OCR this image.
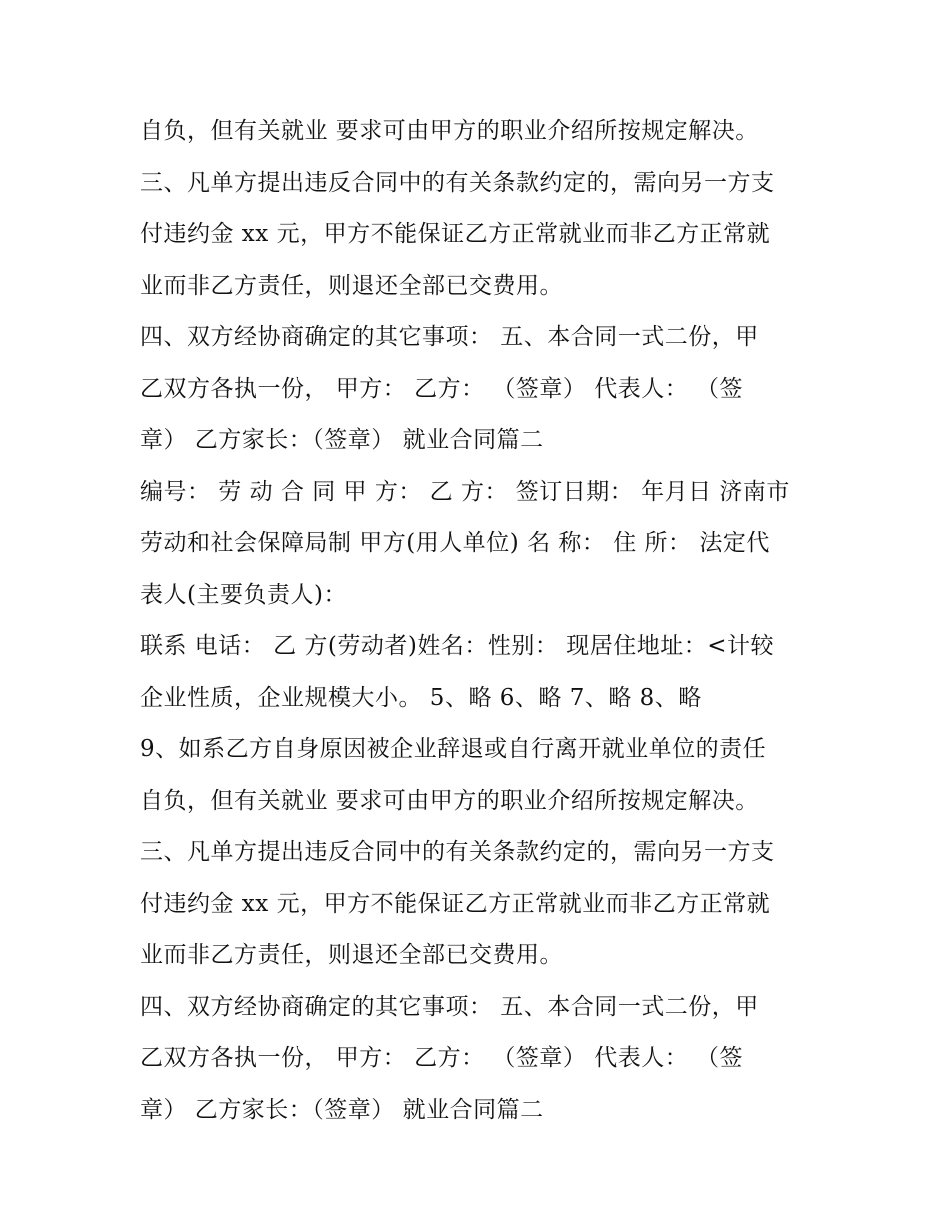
自负，但有关就业 要求可由甲方的职业介绍所按规定解决。
三、凡单方提出违反合同中的有关条款约定的，需向另一方支
付违约金 xx 元，甲方不能保证乙方正常就业而非乙方正常就
业而非乙方责任，则退还全部已交费用。
四、双方经协商确定的其它事项： 五、本合同一式二份，甲
乙双方各执一份， 甲方： 乙方： （签章） 代表人： （签
章） 乙方家长：（签章） 就业合同篇二
编号： 劳 动 合 同 甲 方： 乙 方： 签订日期： 年月日 济南市
劳动和社会保障局制 甲方(用人单位) 名 称： 住 所： 法定代
表人(主要负责人)：
联系 电话： 乙 方(劳动者)姓名：性别： 现居住地址：<计较
企业性质，企业规模大小。 5、略 6、略 7、略 8、略
9、如系乙方自身原因被企业辞退或自行离开就业单位的责任
自负，但有关就业 要求可由甲方的职业介绍所按规定解决。
三、凡单方提出违反合同中的有关条款约定的，需向另一方支
付违约金 xx 元，甲方不能保证乙方正常就业而非乙方正常就
业而非乙方责任，则退还全部已交费用。
四、双方经协商确定的其它事项： 五、本合同一式二份，甲
乙双方各执一份， 甲方： 乙方： （签章） 代表人： （签
章） 乙方家长：（签章） 就业合同篇二
